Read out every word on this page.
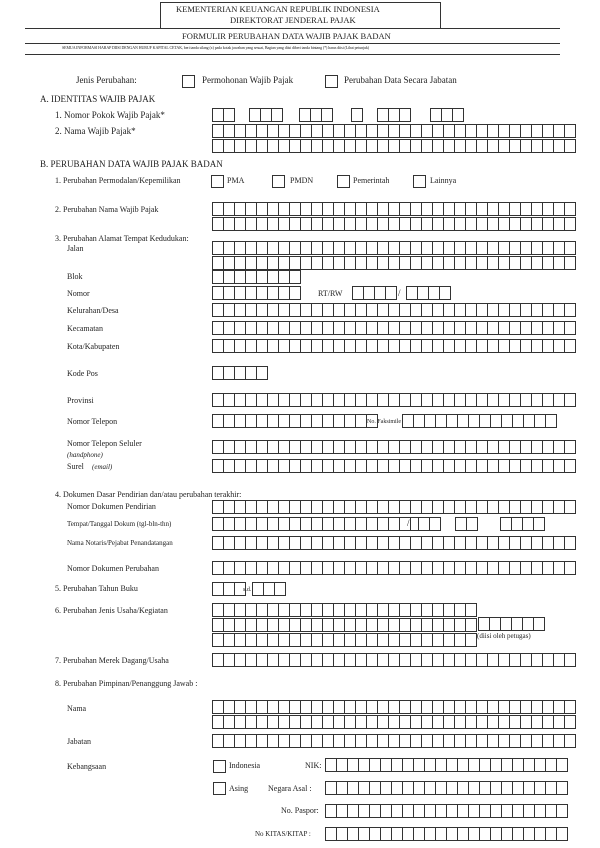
KEMENTERIAN KEUANGAN REPUBLIK INDONESIA
DIREKTORAT JENDERAL PAJAK
FORMULIR PERUBAHAN DATA WAJIB PAJAK BADAN
SEMUA INFORMASI HARAP DIISI DENGAN HURUF KAPITAL CETAK, beri tanda silang (x) pada kotak jawaban yang sesuai, Bagian yang diisi diberi tanda bintang (*) harus diisi (Lihat petunjuk)
Jenis Perubahan:	Permohonan Wajib Pajak	Perubahan Data Secara Jabatan
A. IDENTITAS WAJIB PAJAK
1. Nomor Pokok Wajib Pajak*
2. Nama Wajib Pajak*
B. PERUBAHAN DATA WAJIB PAJAK BADAN
1. Perubahan Permodalan/Kepemilikan	PMA	PMDN	Pemerintah	Lainnya
2. Perubahan Nama Wajib Pajak
3. Perubahan Alamat Tempat Kedudukan:
Jalan
Blok
Nomor	RT/RW	/
Kelurahan/Desa
Kecamatan
Kota/Kabupaten
Kode Pos
Provinsi
Nomor Telepon	No. Faksimile
Nomor Telepon Seluler
(handphone)
Surel (email)
4. Dokumen Dasar Pendirian dan/atau perubahan terakhir:
Nomor Dokumen Pendirian
Tempat/Tanggal Dokum (tgl-bln-thn)	/
Nama Notaris/Pejabat Penandatangan
Nomor Dokumen Perubahan
5. Perubahan Tahun Buku	s.d.
6. Perubahan Jenis Usaha/Kegiatan
(diisi oleh petugas)
7. Perubahan Merek Dagang/Usaha
8. Perubahan Pimpinan/Penanggung Jawab :
Nama
Jabatan
Kebangsaan	Indonesia	NIK:
Asing Negara Asal :
No. Paspor:
No KITAS/KITAP :
